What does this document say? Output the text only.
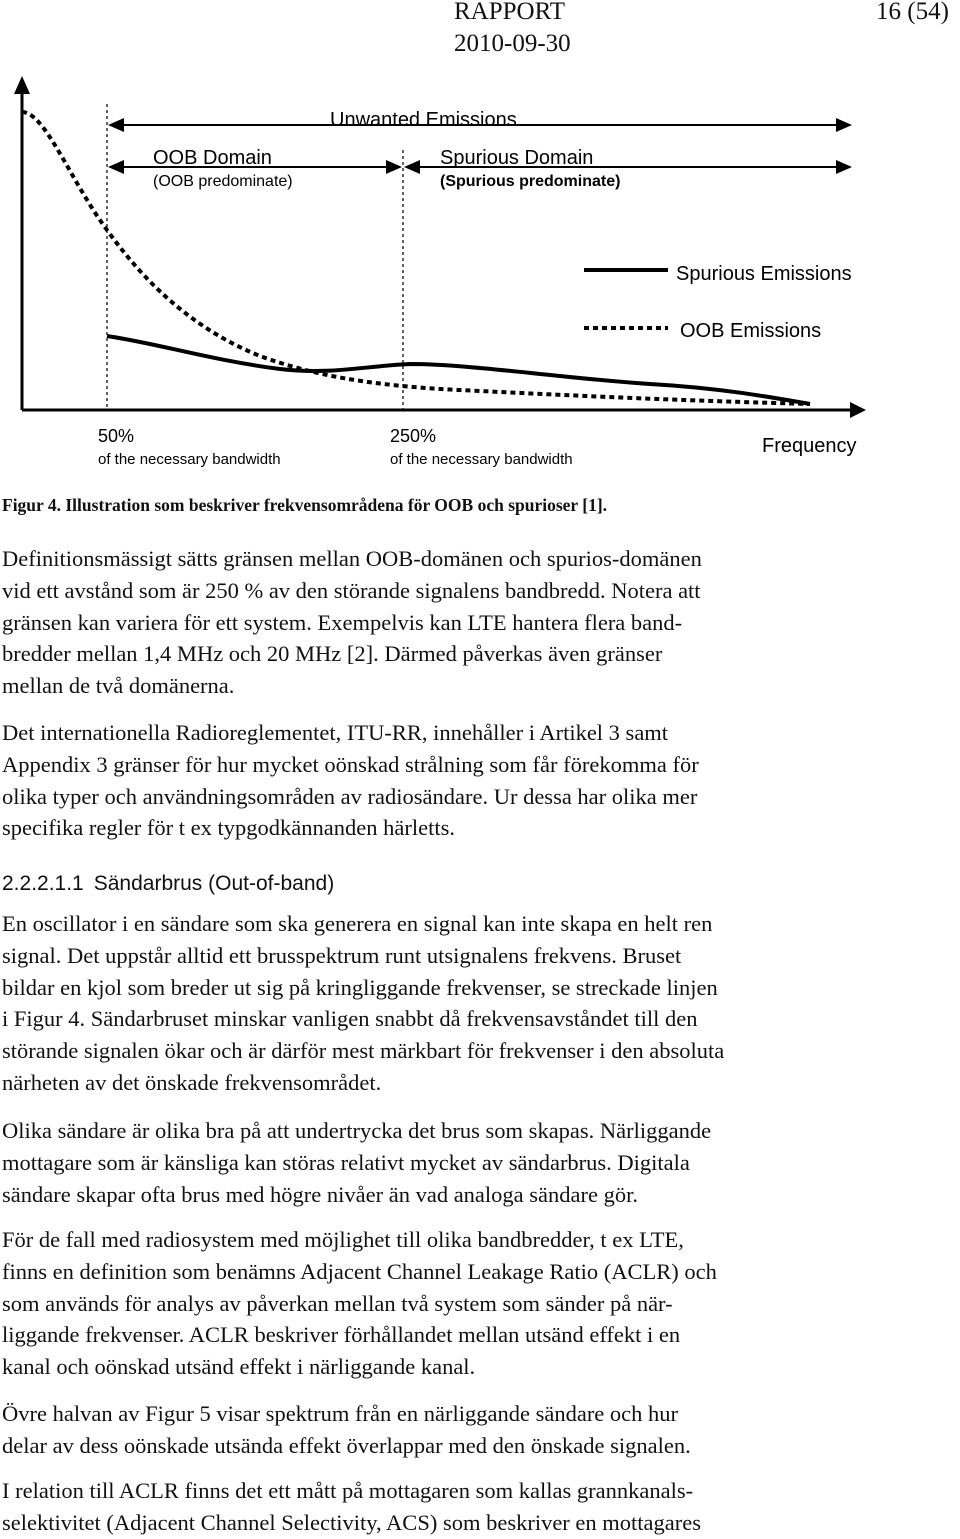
RAPPORT	16 (54)
2010-09-30
Unwanted Emissions
OOB Domain
(OOB predominate)
Spurious Domain
(Spurious predominate)
Spurious Emissions
OOB Emissions
50%
of the necessary bandwidth
250%
of the necessary bandwidth
Frequency
Figur 4. Illustration som beskriver frekvensområdena för OOB och spurioser [1].
Definitionsmässigt sätts gränsen mellan OOB-domänen och spurios-domänen
vid ett avstånd som är 250 % av den störande signalens bandbredd. Notera att
gränsen kan variera för ett system. Exempelvis kan LTE hantera flera band-
bredder mellan 1,4 MHz och 20 MHz [2]. Därmed påverkas även gränser
mellan de två domänerna.
Det internationella Radioreglementet, ITU-RR, innehåller i Artikel 3 samt
Appendix 3 gränser för hur mycket oönskad strålning som får förekomma för
olika typer och användningsområden av radiosändare. Ur dessa har olika mer
specifika regler för t ex typgodkännanden härletts.
2.2.2.1.1 Sändarbrus (Out-of-band)
En oscillator i en sändare som ska generera en signal kan inte skapa en helt ren
signal. Det uppstår alltid ett brusspektrum runt utsignalens frekvens. Bruset
bildar en kjol som breder ut sig på kringliggande frekvenser, se streckade linjen
i Figur 4. Sändarbruset minskar vanligen snabbt då frekvensavståndet till den
störande signalen ökar och är därför mest märkbart för frekvenser i den absoluta
närheten av det önskade frekvensområdet.
Olika sändare är olika bra på att undertrycka det brus som skapas. Närliggande
mottagare som är känsliga kan störas relativt mycket av sändarbrus. Digitala
sändare skapar ofta brus med högre nivåer än vad analoga sändare gör.
För de fall med radiosystem med möjlighet till olika bandbredder, t ex LTE,
finns en definition som benämns Adjacent Channel Leakage Ratio (ACLR) och
som används för analys av påverkan mellan två system som sänder på när-
liggande frekvenser. ACLR beskriver förhållandet mellan utsänd effekt i en
kanal och oönskad utsänd effekt i närliggande kanal.
Övre halvan av Figur 5 visar spektrum från en närliggande sändare och hur
delar av dess oönskade utsända effekt överlappar med den önskade signalen.
I relation till ACLR finns det ett mått på mottagaren som kallas grannkanals-
selektivitet (Adjacent Channel Selectivity, ACS) som beskriver en mottagares
